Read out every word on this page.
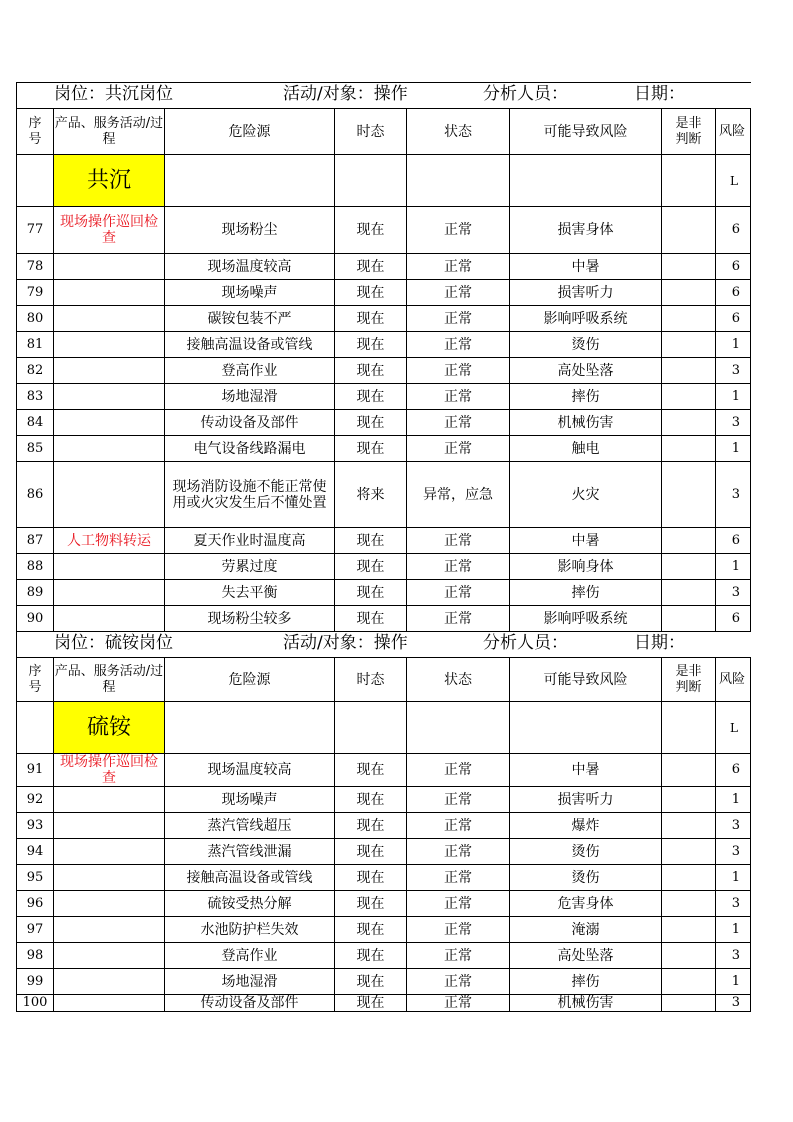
岗位：共沉岗位 活动/对象：操作 分析人员： 日期：							

序号	产品、服务活动/过程	危险源	时态	状态	可能导致风险	是非判断	风险
	共沉						L
77	现场操作巡回检查	现场粉尘	现在	正常	损害身体		6
78		现场温度较高	现在	正常	中暑		6
79		现场噪声	现在	正常	损害听力		6
80		碳铵包装不严	现在	正常	影响呼吸系统		6
81		接触高温设备或管线	现在	正常	烫伤		1
82		登高作业	现在	正常	高处坠落		3
83		场地湿滑	现在	正常	摔伤		1
84		传动设备及部件	现在	正常	机械伤害		3
85		电气设备线路漏电	现在	正常	触电		1
86		现场消防设施不能正常使用或火灾发生后不懂处置	将来	异常，应急	火灾		3
87	人工物料转运	夏天作业时温度高	现在	正常	中暑		6
88		劳累过度	现在	正常	影响身体		1
89		失去平衡	现在	正常	摔伤		3
90		现场粉尘较多	现在	正常	影响呼吸系统		6

岗位：硫铵岗位 活动/对象：操作 分析人员： 日期：							

序号	产品、服务活动/过程	危险源	时态	状态	可能导致风险	是非判断	风险
	硫铵						L
91	现场操作巡回检查	现场温度较高	现在	正常	中暑		6
92		现场噪声	现在	正常	损害听力		1
93		蒸汽管线超压	现在	正常	爆炸		3
94		蒸汽管线泄漏	现在	正常	烫伤		3
95		接触高温设备或管线	现在	正常	烫伤		1
96		硫铵受热分解	现在	正常	危害身体		3
97		水池防护栏失效	现在	正常	淹溺		1
98		登高作业	现在	正常	高处坠落		3
99		场地湿滑	现在	正常	摔伤		1
100		传动设备及部件	现在	正常	机械伤害		3
